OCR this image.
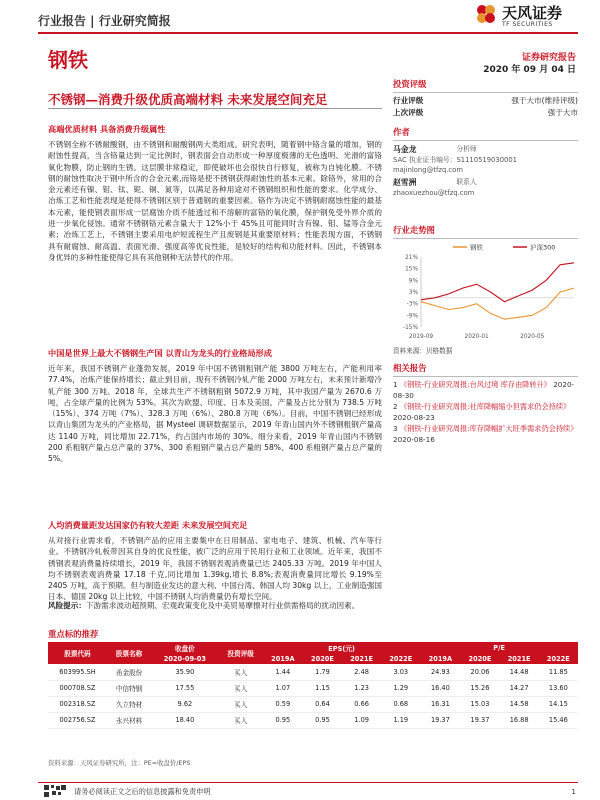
行业报告 | 行业研究简报	天风证券
TF SECURITIES
钢铁	证券研究报告
2020 年 09 月 04 日
不锈钢—消费升级优质高端材料 未来发展空间充足
高端优质材料 具备消费升级属性
不锈钢全称不锈耐酸钢，由不锈钢和耐酸钢两大类组成。研究表明，随着钢中铬含量的增加，钢的耐蚀性提高，当含铬量达到一定比例时，钢表面会自动形成一种厚度极薄的无色透明、光滑的富铬氧化物膜，防止钢的生锈。这层膜非常稳定，即使破坏也会很快自行修复，被称为自钝化膜。不锈钢的耐蚀性取决于钢中所含的合金元素,而铬是使不锈钢获得耐蚀性的基本元素。除铬外，常用的合金元素还有镍、钼、钛、铌、铜、氮等，以满足各种用途对不锈钢组织和性能的要求。化学成分、冶炼工艺和性能表现是使得不锈钢区别于普通钢的重要因素。铬作为决定不锈钢耐腐蚀性能的最基本元素，能使钢表面形成一层腐蚀介质不能透过和不溶解的富铬的氧化膜，保护钢免受外界介质的进一步氧化侵蚀。通常不锈钢铬元素含量大于 12%小于 45%且可能同时含有镍、钼、锰等合金元素；冶炼工艺上，不锈钢主要采用电炉短流程生产且废钢是其重要原材料；性能表现方面，不锈钢具有耐腐蚀、耐高温、表面光滑、强度高等优良性能，是较好的结构和功能材料。因此，不锈钢本身优异的多种性能使得它具有其他钢种无法替代的作用。
中国是世界上最大不锈钢生产国 以青山为龙头的行业格局形成
近年来，我国不锈钢产业蓬勃发展，2019 年中国不锈钢粗钢产能 3800 万吨左右，产能利用率 77.4%，冶炼产能保持增长；截止到目前，现有不锈钢冷轧产能 2000 万吨左右，未来预计新增冷轧产能 300 万吨。2018 年，全球共生产不锈钢粗钢 5072.9 万吨，其中我国产量为 2670.6 万吨，占全球产量的比例为 53%。其次为欧盟、印度、日本及美国，产量及占比分别为 738.5 万吨（15%）、374 万吨（7%）、328.3 万吨（6%）、280.8 万吨（6%）。目前，中国不锈钢已经形成以青山集团为龙头的产业格局，据 Mysteel 调研数据显示，2019 年青山国内外不锈钢粗钢产量高达 1140 万吨，同比增加 22.71%，约占国内市场的 30%。细分来看，2019 年青山国内不锈钢 200 系粗钢产量占总产量的 37%、300 系粗钢产量占总产量的 58%、400 系粗钢产量占总产量的 5%。
人均消费量距发达国家仍有较大差距 未来发展空间充足
从对接行业需求看，不锈钢产品的应用主要集中在日用制品、家电电子、建筑、机械、汽车等行业。不锈钢冷轧板带因其自身的优良性能，被广泛的应用于民用行业和工业领域。近年来，我国不锈钢表观消费量持续增长，2019 年，我国不锈钢表观消费量已达 2405.33 万吨。2019 年中国人均不锈钢表观消费量 17.18 千克,同比增加 1.39kg,增长 8.8%;表观消费量同比增长 9.19%至 2405 万吨，高于预期。但与制造业发达的意大利、中国台湾、韩国人均 30kg 以上，工业制造强国日本、德国 20kg 以上比较，中国不锈钢人均消费量仍有增长空间。
风险提示：下游需求波动超预期、宏观政策变化及中美贸易摩擦对行业供需格局的扰动因素。
投资评级
行业评级	强于大市(维持评级)
上次评级	强于大市
作者
马金龙	分析师
SAC 执业证书编号：S1110519030001
majinlong@tfzq.com
赵雪洲	联系人
zhaoxuezhou@tfzq.com
行业走势图
钢铁	沪深300
21%
15%
9%
3%
-3%
-9%
-15%
2019-09	2020-01	2020-05
资料来源：贝格数据
相关报告
1 《钢铁-行业研究周报:台风过境 库存由降转升》 2020-08-30
2 《钢铁-行业研究周报:社库降幅缩小但需求仍会持续》 2020-08-23
3 《钢铁-行业研究周报:库存降幅扩大旺季需求仍会持续》 2020-08-16
重点标的推荐
股票代码	股票名称	收盘价	投资评级	EPS(元)				P/E			
		2020-09-03		2019A	2020E	2021E	2022E	2019A	2020E	2021E	2022E
603995.SH	甬金股份	35.90	买入	1.44	1.79	2.48	3.03	24.93	20.06	14.48	11.85
000708.SZ	中信特钢	17.55	买入	1.07	1.15	1.23	1.29	16.40	15.26	14.27	13.60
002318.SZ	久立特材	9.62	买入	0.59	0.64	0.66	0.68	16.31	15.03	14.58	14.15
002756.SZ	永兴材料	18.40	买入	0.95	0.95	1.09	1.19	19.37	19.37	16.88	15.46
资料来源：天风证券研究所，注：PE=收盘价/EPS
请务必阅读正文之后的信息披露和免责申明	1
